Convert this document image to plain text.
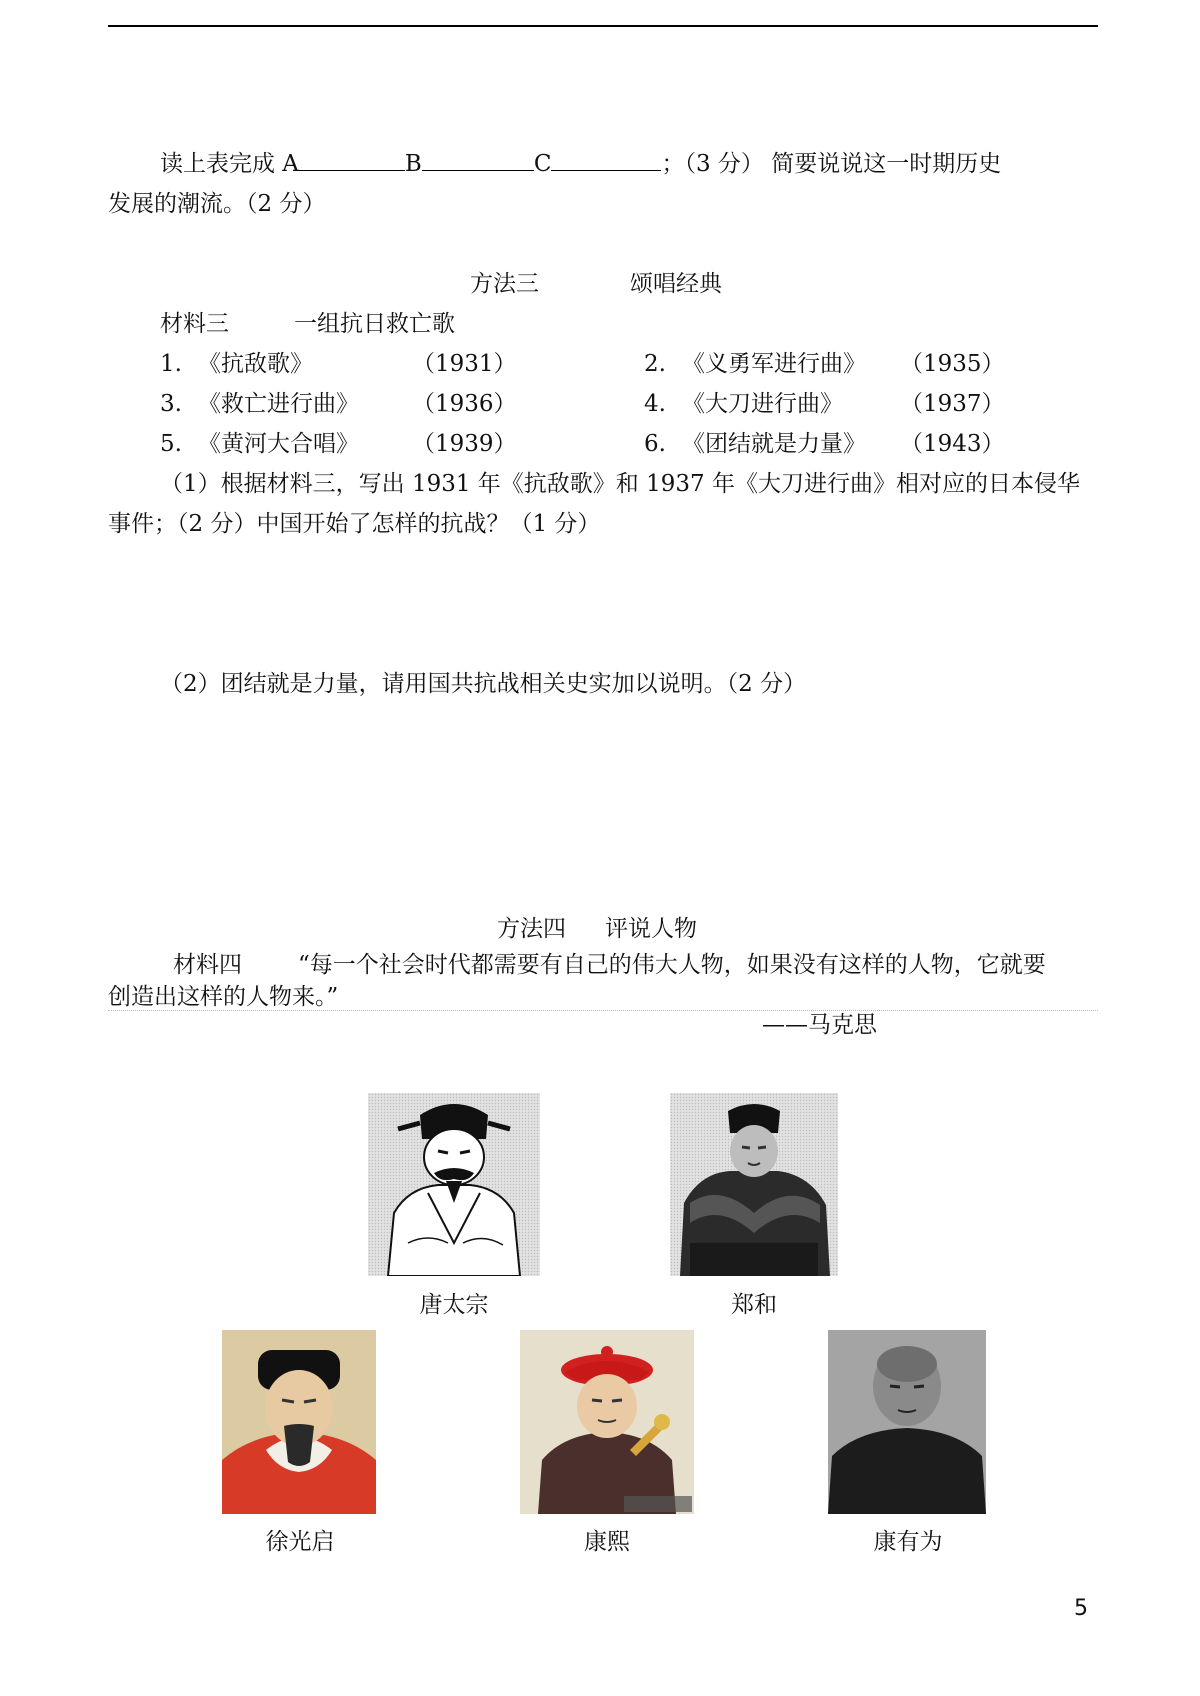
读上表完成 A	B	C	；（3 分） 简要说说这一时期历史
发展的潮流。（2 分）
方法三	颂唱经典
材料三	一组抗日救亡歌
1. 《抗敌歌》	（1931）	2. 《义勇军进行曲》 （1935）
3. 《救亡进行曲》 （1936）	4. 《大刀进行曲》 （1937）
5. 《黄河大合唱》 （1939）	6. 《团结就是力量》 （1943）
（1）根据材料三，写出 1931 年《抗敌歌》和 1937 年《大刀进行曲》相对应的日本侵华
事件；（2 分）中国开始了怎样的抗战？（1 分）
（2）团结就是力量，请用国共抗战相关史实加以说明。（2 分）
方法四 评说人物
材料四 “每一个社会时代都需要有自己的伟大人物，如果没有这样的人物，它就要
创造出这样的人物来。”
——马克思
唐太宗	郑和
徐光启	康熙	康有为
5
